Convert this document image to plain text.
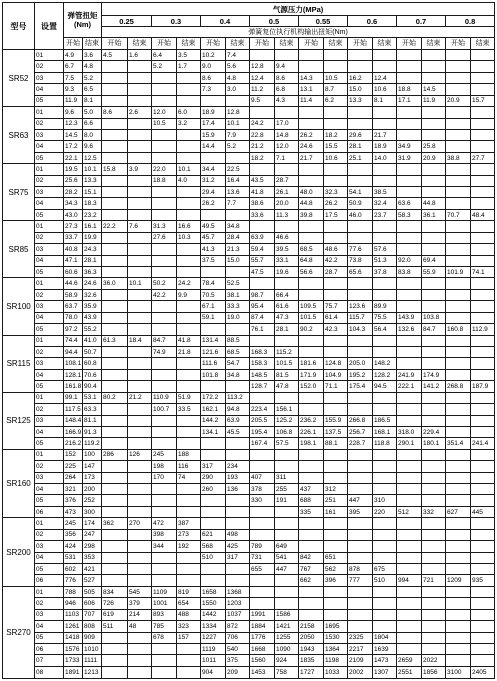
型号	设置	弹管扭矩
(Nm)		气源压力(MPa)															
				0.25		0.3		0.4		0.5		0.55		0.6		0.7		0.8	
				弹簧复位执行机构输出扭矩(Nm)															
		开始	结束	开始	结束	开始	结束	开始	结束	开始	结束	开始	结束	开始	结束	开始	结束	开始	结束
SR52	01	4.9	3.6	4.5	1.6	6.4	3.5	10.2	7.4										
	02	6.7	4.8			5.2	1.7	9.0	5.6	12.8	9.4								
	03	7.5	5.2					8.6	4.8	12.4	8.6	14.3	10.5	16.2	12.4				
	04	9.3	6.5					7.3	3.0	11.2	6.8	13.1	8.7	15.0	10.6	18.8	14.5		
	05	11.9	8.1							9.5	4.3	11.4	6.2	13.3	8.1	17.1	11.9	20.9	15.7
SR63	01	9.6	5.0	8.6	2.6	12.0	6.0	18.9	12.8										
	02	12.3	6.6			10.5	3.2	17.4	10.1	24.2	17.0								
	03	14.5	8.0					15.9	7.9	22.8	14.8	26.2	18.2	29.6	21.7				
	04	17.2	9.6					14.4	5.2	21.2	12.0	24.6	15.5	28.1	18.9	34.9	25.8		
	05	22.1	12.5							18.2	7.1	21.7	10.6	25.1	14.0	31.9	20.9	38.8	27.7
SR75	01	19.5	10.1	15.8	3.9	22.0	10.1	34.4	22.5										
	02	25.6	13.3			18.8	4.0	31.2	16.4	43.5	28.7								
	03	28.2	15.1					29.4	13.6	41.8	26.1	48.0	32.3	54.1	38.5				
	04	34.3	18.3					26.2	7.7	38.6	20.0	44.8	26.2	50.9	32.4	63.6	44.8		
	05	43.0	23.2							33.6	11.3	39.8	17.5	46.0	23.7	58.3	36.1	70.7	48.4
SR85	01	27.3	16.1	22.2	7.6	31.3	16.6	49.5	34.8										
	02	33.7	19.9			27.6	10.3	45.7	28.4	63.9	46.6								
	03	40.8	24.3					41.3	21.3	59.4	39.5	68.5	48.6	77.6	57.6				
	04	47.1	28.1					37.5	15.0	55.7	33.1	64.8	42.2	73.8	51.3	92.0	69.4		
	05	60.6	36.3							47.5	19.6	56.6	28.7	65.6	37.8	83.8	55.9	101.9	74.1
SR100	01	44.6	24.6	36.0	10.1	50.2	24.2	78.4	52.5										
	02	58.9	32.6			42.2	9.9	70.5	38.1	98.7	66.4								
	03	63.7	35.9					67.1	33.3	95.4	61.6	109.5	75.7	123.6	89.9				
	04	78.0	43.9					59.1	19.0	87.4	47.3	101.5	61.4	115.7	75.5	143.9	103.8		
	05	97.2	55.2							76.1	28.1	90.2	42.3	104.3	56.4	132.6	84.7	160.8	112.9
SR115	01	74.4	41.0	61.3	18.4	84.7	41.8	131.4	88.5										
	02	94.4	50.7			74.9	21.8	121.6	68.5	168.3	115.2								
	03	108.1	60.8					111.6	54.7	158.3	101.5	181.6	124.8	205.0	148.2				
	04	128.1	70.6					101.8	34.8	148.5	81.5	171.9	104.9	195.2	128.2	241.9	174.9		
	05	161.8	90.4							128.7	47.8	152.0	71.1	175.4	94.5	222.1	141.2	268.8	187.9
SR125	01	99.1	53.1	80.2	21.2	110.9	51.9	172.2	113.2										
	02	117.5	63.3			100.7	33.5	162.1	94.8	223.4	156.1								
	03	148.4	81.1					144.2	63.9	205.5	125.2	236.2	155.9	266.8	186.5				
	04	166.9	91.3					134.1	45.5	195.4	106.8	226.1	137.5	256.7	168.1	318.0	229.4		
	05	216.2	119.2							167.4	57.5	198.1	88.1	228.7	118.8	290.1	180.1	351.4	241.4
SR160	01	152	100	286	126	245	188												
	02	225	147			198	116	317	234										
	03	264	173			170	74	290	193	407	311								
	04	321	200					260	136	378	255	437	312						
	05	376	252							330	191	688	251	447	310				
	06	473	300									335	161	395	220	512	332	627	445
SR200	01	245	174	362	270	472	387												
	02	356	247			398	273	621	498										
	03	424	298			344	192	568	425	789	649								
	04	531	353					510	317	731	541	842	651						
	05	602	421							655	447	767	562	878	675				
	06	776	527									662	396	777	510	994	721	1209	935
SR270	01	788	505	834	545	1109	819	1658	1368										
	02	946	606	726	379	1001	654	1550	1203										
	03	1103	707	619	214	893	488	1442	1037	1991	1586								
	04	1261	808	511	48	785	323	1334	872	1884	1421	2158	1695						
	05	1418	909			678	157	1227	706	1776	1255	2050	1530	2325	1804				
	06	1576	1010					1119	540	1668	1090	1943	1364	2217	1639				
	07	1733	1111					1011	375	1560	924	1835	1198	2109	1473	2659	2022		
	08	1891	1213					904	209	1453	758	1727	1033	2002	1307	2551	1856	3100	2405
